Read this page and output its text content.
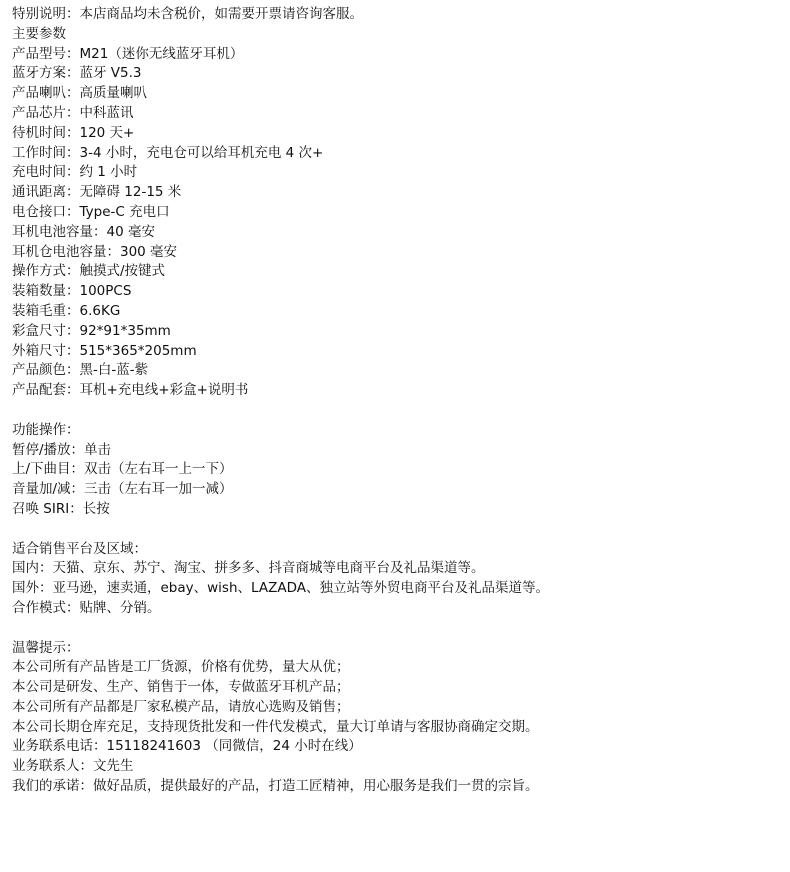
特别说明：本店商品均未含税价，如需要开票请咨询客服。
主要参数
产品型号：M21（迷你无线蓝牙耳机）
蓝牙方案：蓝牙 V5.3
产品喇叭：高质量喇叭
产品芯片：中科蓝讯
待机时间：120 天+
工作时间：3-4 小时，充电仓可以给耳机充电 4 次+
充电时间：约 1 小时
通讯距离：无障碍 12-15 米
电仓接口：Type-C 充电口
耳机电池容量：40 毫安
耳机仓电池容量：300 毫安
操作方式：触摸式/按键式
装箱数量：100PCS
装箱毛重：6.6KG
彩盒尺寸：92*91*35mm
外箱尺寸：515*365*205mm
产品颜色：黑-白-蓝-紫
产品配套：耳机+充电线+彩盒+说明书
功能操作：
暂停/播放：单击
上/下曲目：双击（左右耳一上一下）
音量加/减：三击（左右耳一加一减）
召唤 SIRI：长按
适合销售平台及区域：
国内：天猫、京东、苏宁、淘宝、拼多多、抖音商城等电商平台及礼品渠道等。
国外：亚马逊，速卖通，ebay、wish、LAZADA、独立站等外贸电商平台及礼品渠道等。
合作模式：贴牌、分销。
温馨提示：
本公司所有产品皆是工厂货源，价格有优势，量大从优；
本公司是研发、生产、销售于一体，专做蓝牙耳机产品；
本公司所有产品都是厂家私模产品，请放心选购及销售；
本公司长期仓库充足，支持现货批发和一件代发模式，量大订单请与客服协商确定交期。
业务联系电话：15118241603 （同微信，24 小时在线）
业务联系人：文先生
我们的承诺：做好品质，提供最好的产品，打造工匠精神，用心服务是我们一贯的宗旨。
